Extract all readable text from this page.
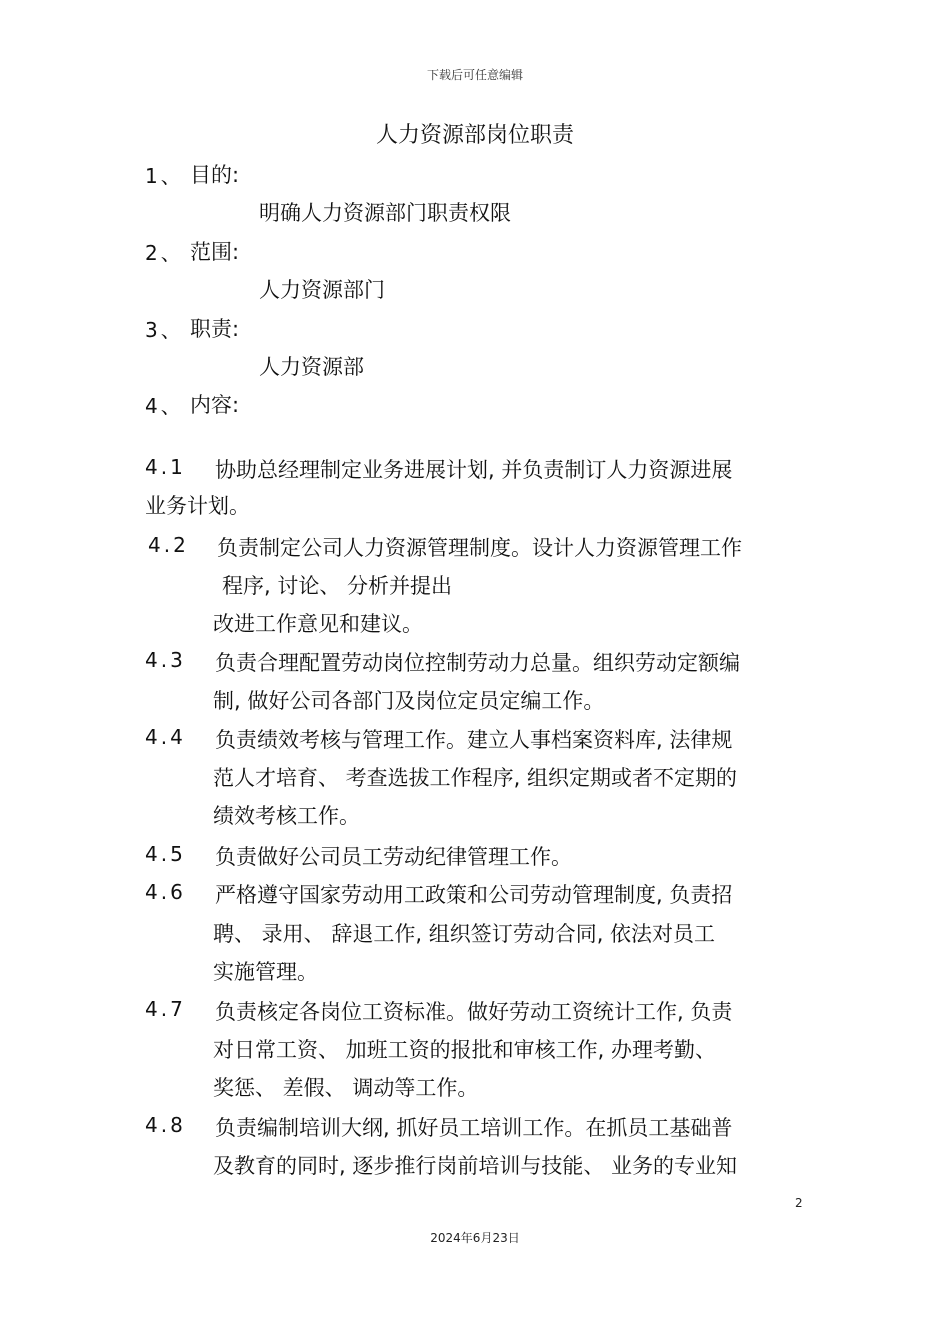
下载后可任意编辑
人力资源部岗位职责
1、 目的:
明确人力资源部门职责权限
2、 范围:
人力资源部门
3、 职责:
人力资源部
4、 内容:
4.1 协助总经理制定业务进展计划, 并负责制订人力资源进展
业务计划。
4.2 负责制定公司人力资源管理制度。设计人力资源管理工作
程序, 讨论、 分析并提出
改进工作意见和建议。
4.3 负责合理配置劳动岗位控制劳动力总量。组织劳动定额编
制, 做好公司各部门及岗位定员定编工作。
4.4 负责绩效考核与管理工作。建立人事档案资料库, 法律规
范人才培育、 考查选拔工作程序, 组织定期或者不定期的
绩效考核工作。
4.5 负责做好公司员工劳动纪律管理工作。
4.6 严格遵守国家劳动用工政策和公司劳动管理制度, 负责招
聘、 录用、 辞退工作, 组织签订劳动合同, 依法对员工
实施管理。
4.7 负责核定各岗位工资标准。做好劳动工资统计工作, 负责
对日常工资、 加班工资的报批和审核工作, 办理考勤、
奖惩、 差假、 调动等工作。
4.8 负责编制培训大纲, 抓好员工培训工作。在抓员工基础普
及教育的同时, 逐步推行岗前培训与技能、 业务的专业知
2
2024年6月23日
